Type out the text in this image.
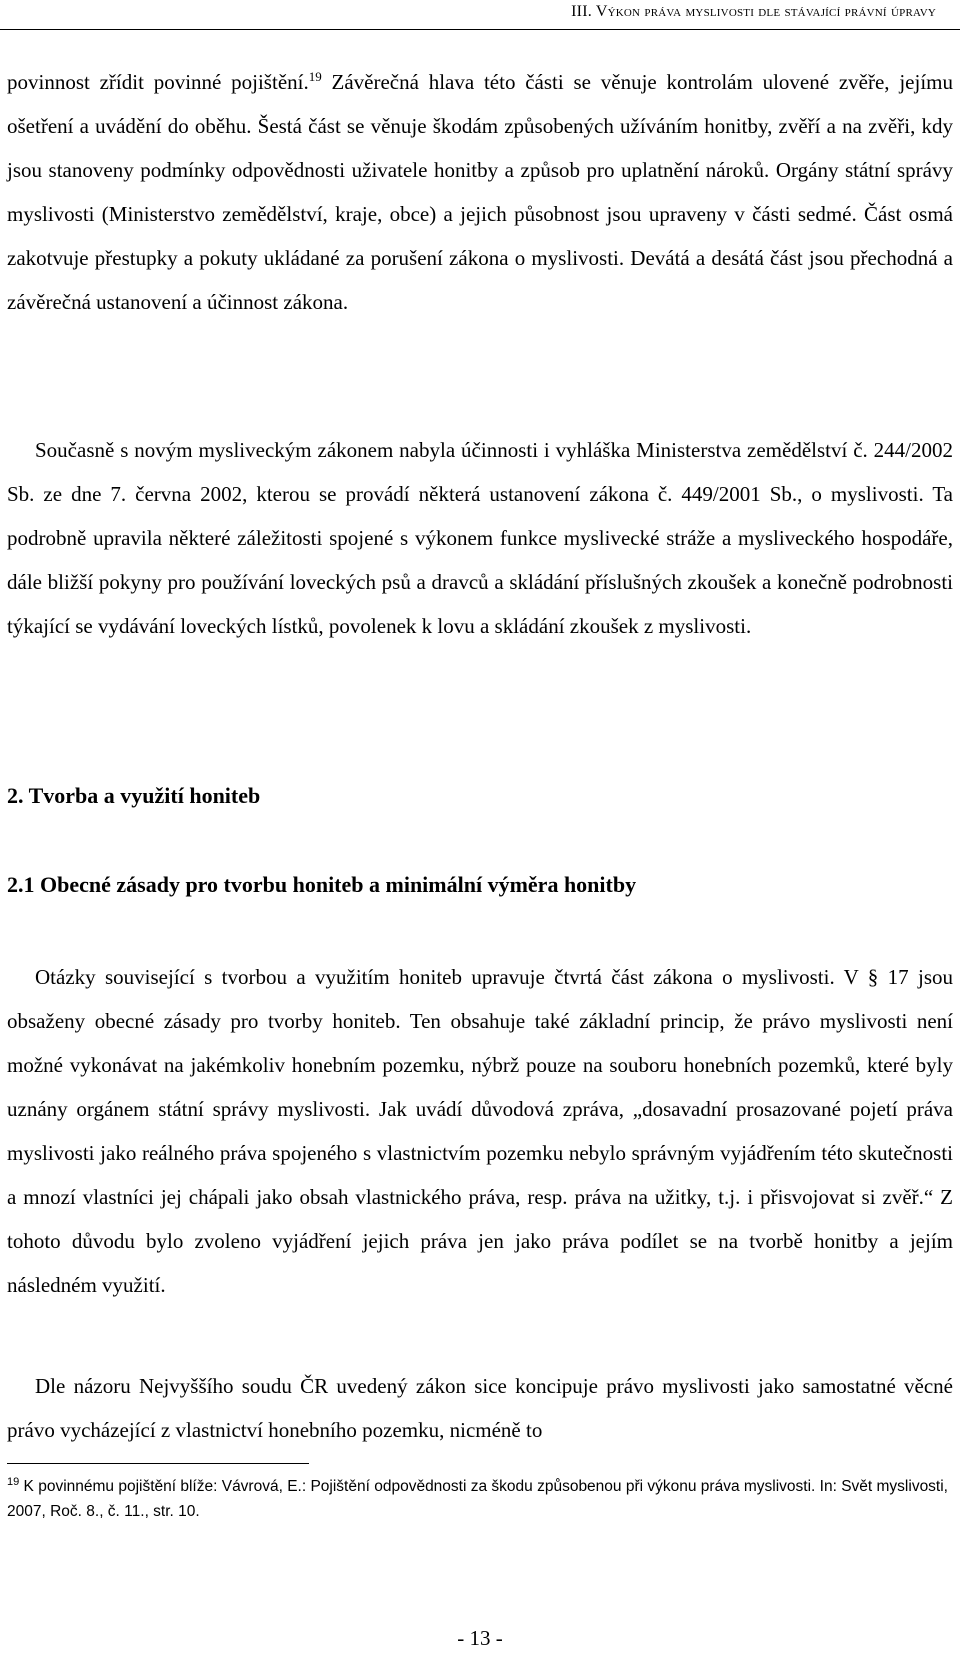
III. Výkon práva myslivosti dle stávající právní úpravy

povinnost zřídit povinné pojištění.$^{19}$ Závěrečná hlava této části se věnuje kontrolám ulovené zvěře, jejímu ošetření a uvádění do oběhu. Šestá část se věnuje škodám způsobených užíváním honitby, zvěří a na zvěři, kdy jsou stanoveny podmínky odpovědnosti uživatele honitby a způsob pro uplatnění nároků. Orgány státní správy myslivosti (Ministerstvo zemědělství, kraje, obce) a jejich působnost jsou upraveny v části sedmé. Část osmá zakotvuje přestupky a pokuty ukládané za porušení zákona o myslivosti. Devátá a desátá část jsou přechodná a závěrečná ustanovení a účinnost zákona.

Současně s novým mysliveckým zákonem nabyla účinnosti i vyhláška Ministerstva zemědělství č. 244/2002 Sb. ze dne 7. června 2002, kterou se provádí některá ustanovení zákona č. 449/2001 Sb., o myslivosti. Ta podrobně upravila některé záležitosti spojené s výkonem funkce myslivecké stráže a mysliveckého hospodáře, dále bližší pokyny pro používání loveckých psů a dravců a skládání příslušných zkoušek a konečně podrobnosti týkající se vydávání loveckých lístků, povolenek k lovu a skládání zkoušek z myslivosti.

2. Tvorba a využití honiteb
2.1 Obecné zásady pro tvorbu honiteb a minimální výměra honitby

Otázky související s tvorbou a využitím honiteb upravuje čtvrtá část zákona o myslivosti. V § 17 jsou obsaženy obecné zásady pro tvorby honiteb. Ten obsahuje také základní princip, že právo myslivosti není možné vykonávat na jakémkoliv honebním pozemku, nýbrž pouze na souboru honebních pozemků, které byly uznány orgánem státní správy myslivosti. Jak uvádí důvodová zpráva, „dosavadní prosazované pojetí práva myslivosti jako reálného práva spojeného s vlastnictvím pozemku nebylo správným vyjádřením této skutečnosti a mnozí vlastníci jej chápali jako obsah vlastnického práva, resp. práva na užitky, t.j. i přisvojovat si zvěř.“ Z tohoto důvodu bylo zvoleno vyjádření jejich práva jen jako práva podílet se na tvorbě honitby a jejím následném využití.

Dle názoru Nejvyššího soudu ČR uvedený zákon sice koncipuje právo myslivosti jako samostatné věcné právo vycházející z vlastnictví honebního pozemku, nicméně to

$^{19}$ K povinnému pojištění blíže: Vávrová, E.: Pojištění odpovědnosti za škodu způsobenou při výkonu práva myslivosti. In: Svět myslivosti, 2007, Roč. 8., č. 11., str. 10.

- 13 -
